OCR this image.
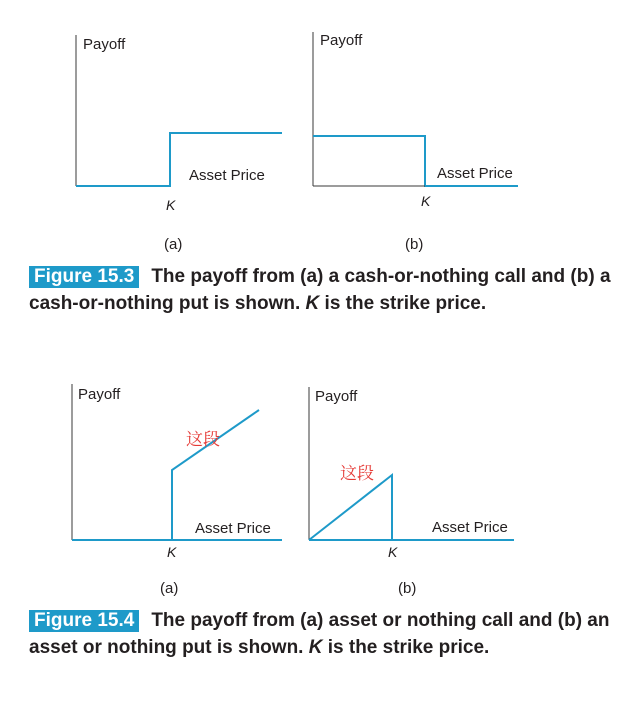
Payoff
Asset Price
K
(a)
Payoff
Asset Price
K
(b)
Payoff
这段
Asset Price
K
(a)
Payoff
这段
Asset Price
K
(b)

Figure 15.3 The payoff from (a) a cash-or-nothing call and (b) a cash-or-nothing put is shown. K is the strike price.

Figure 15.4 The payoff from (a) asset or nothing call and (b) an asset or nothing put is shown. K is the strike price.
